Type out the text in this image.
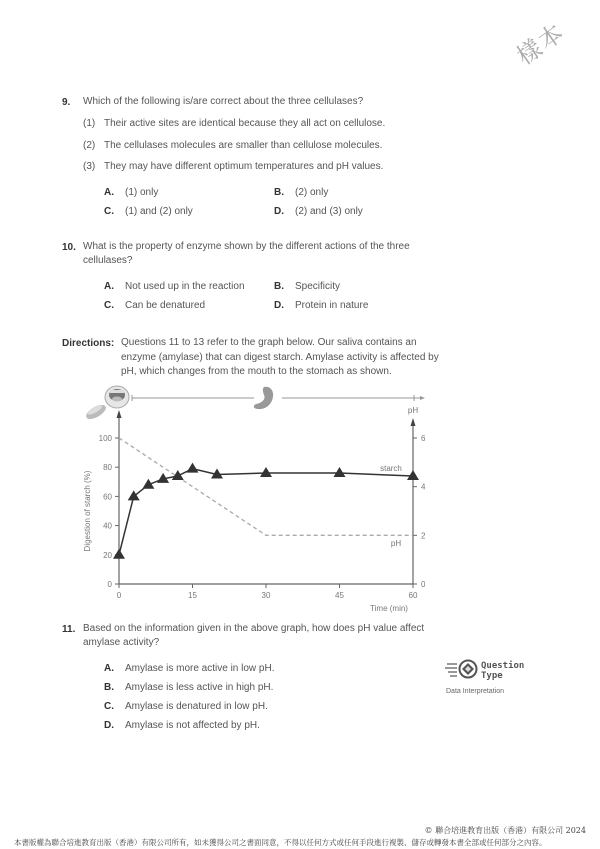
樣本
9. Which of the following is/are correct about the three cellulases?
(1) Their active sites are identical because they all act on cellulose.
(2) The cellulases molecules are smaller than cellulose molecules.
(3) They may have different optimum temperatures and pH values.
A. (1) only	B. (2) only
C. (1) and (2) only	D. (2) and (3) only
10. What is the property of enzyme shown by the different actions of the three
cellulases?
A. Not used up in the reaction	B. Specificity
C. Can be denatured	D. Protein in nature
Directions: Questions 11 to 13 refer to the graph below. Our saliva contains an
enzyme (amylase) that can digest starch. Amylase activity is affected by
pH, which changes from the mouth to the stomach as shown.
0
20
40
60
80
100
0
2
4
6
0	15	30	45	60
Digestion of starch (%)
pH
Time (min)
starch
pH
11. Based on the information given in the above graph, how does pH value affect
amylase activity?
A. Amylase is more active in low pH.
B. Amylase is less active in high pH.
C. Amylase is denatured in low pH.
D. Amylase is not affected by pH.
Question
Type
Data Interpretation
© 聯合培進教育出版（香港）有限公司 2024
本書版權為聯合培進教育出版（香港）有限公司所有，如未獲得公司之書面同意，不得以任何方式或任何手段進行複製、儲存或轉發本書全部或任何部分之內容。
